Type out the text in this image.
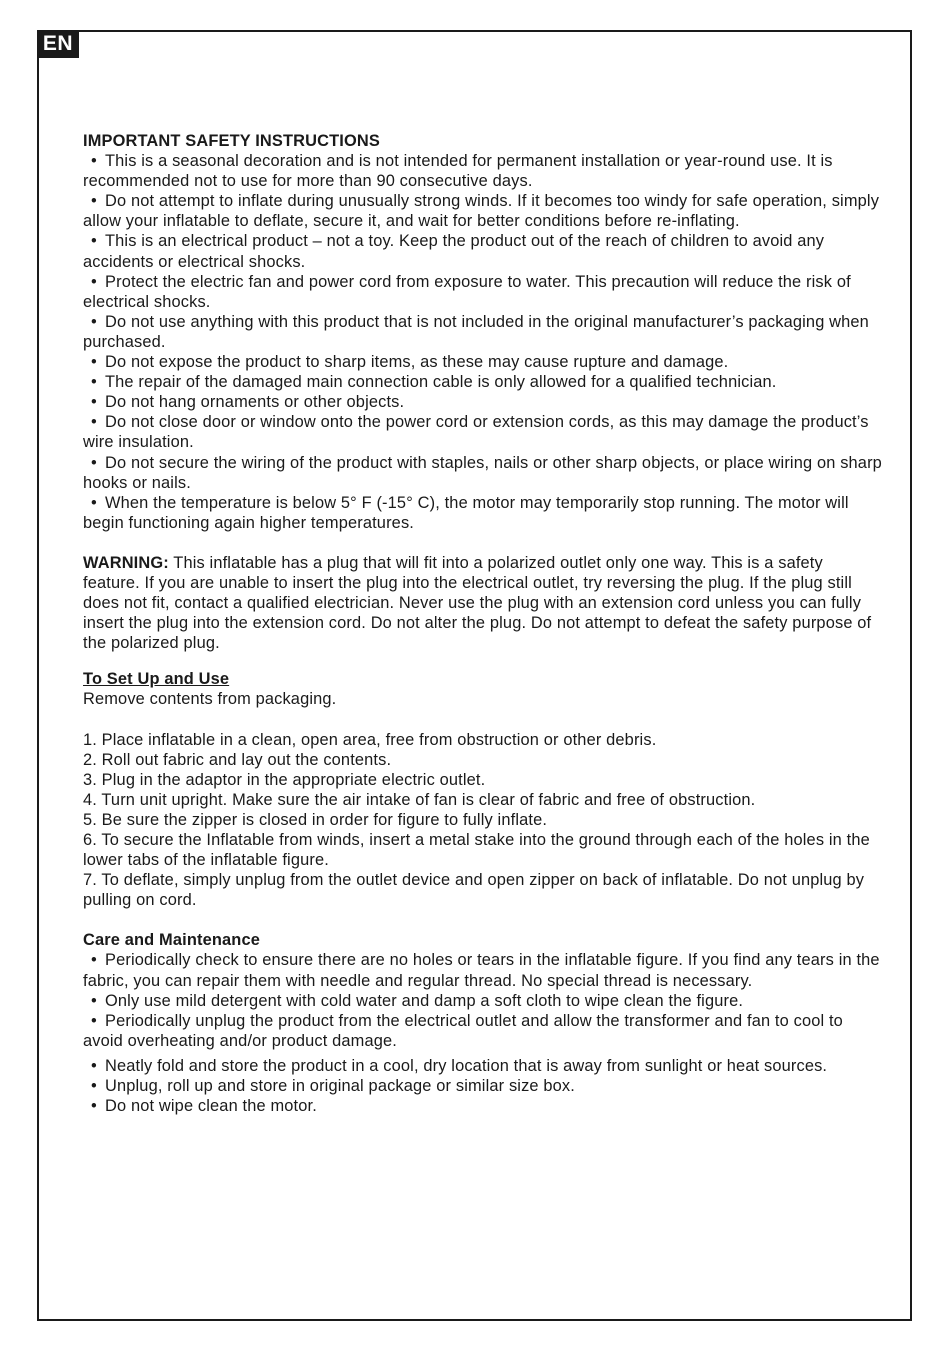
EN

IMPORTANT SAFETY INSTRUCTIONS

• This is a seasonal decoration and is not intended for permanent installation or year-round use. It is recommended not to use for more than 90 consecutive days.

• Do not attempt to inflate during unusually strong winds. If it becomes too windy for safe operation, simply allow your inflatable to deflate, secure it, and wait for better conditions before re-inflating.

• This is an electrical product – not a toy. Keep the product out of the reach of children to avoid any accidents or electrical shocks.

• Protect the electric fan and power cord from exposure to water. This precaution will reduce the risk of electrical shocks.

• Do not use anything with this product that is not included in the original manufacturer’s packaging when purchased.

• Do not expose the product to sharp items, as these may cause rupture and damage.

• The repair of the damaged main connection cable is only allowed for a qualified technician.

• Do not hang ornaments or other objects.

• Do not close door or window onto the power cord or extension cords, as this may damage the product’s wire insulation.

• Do not secure the wiring of the product with staples, nails or other sharp objects, or place wiring on sharp hooks or nails.

• When the temperature is below 5° F (-15° C), the motor may temporarily stop running. The motor will begin functioning again higher temperatures.

WARNING: This inflatable has a plug that will fit into a polarized outlet only one way. This is a safety feature. If you are unable to insert the plug into the electrical outlet, try reversing the plug. If the plug still does not fit, contact a qualified electrician. Never use the plug with an extension cord unless you can fully insert the plug into the extension cord. Do not alter the plug. Do not attempt to defeat the safety purpose of the polarized plug.

To Set Up and Use

Remove contents from packaging.

1. Place inflatable in a clean, open area, free from obstruction or other debris.

2. Roll out fabric and lay out the contents.

3. Plug in the adaptor in the appropriate electric outlet.

4. Turn unit upright. Make sure the air intake of fan is clear of fabric and free of obstruction.

5. Be sure the zipper is closed in order for figure to fully inflate.

6. To secure the Inflatable from winds, insert a metal stake into the ground through each of the holes in the lower tabs of the inflatable figure.

7. To deflate, simply unplug from the outlet device and open zipper on back of inflatable. Do not unplug by pulling on cord.

Care and Maintenance

• Periodically check to ensure there are no holes or tears in the inflatable figure. If you find any tears in the fabric, you can repair them with needle and regular thread. No special thread is necessary.

• Only use mild detergent with cold water and damp a soft cloth to wipe clean the figure.

• Periodically unplug the product from the electrical outlet and allow the transformer and fan to cool to avoid overheating and/or product damage.

• Neatly fold and store the product in a cool, dry location that is away from sunlight or heat sources.

• Unplug, roll up and store in original package or similar size box.

• Do not wipe clean the motor.
